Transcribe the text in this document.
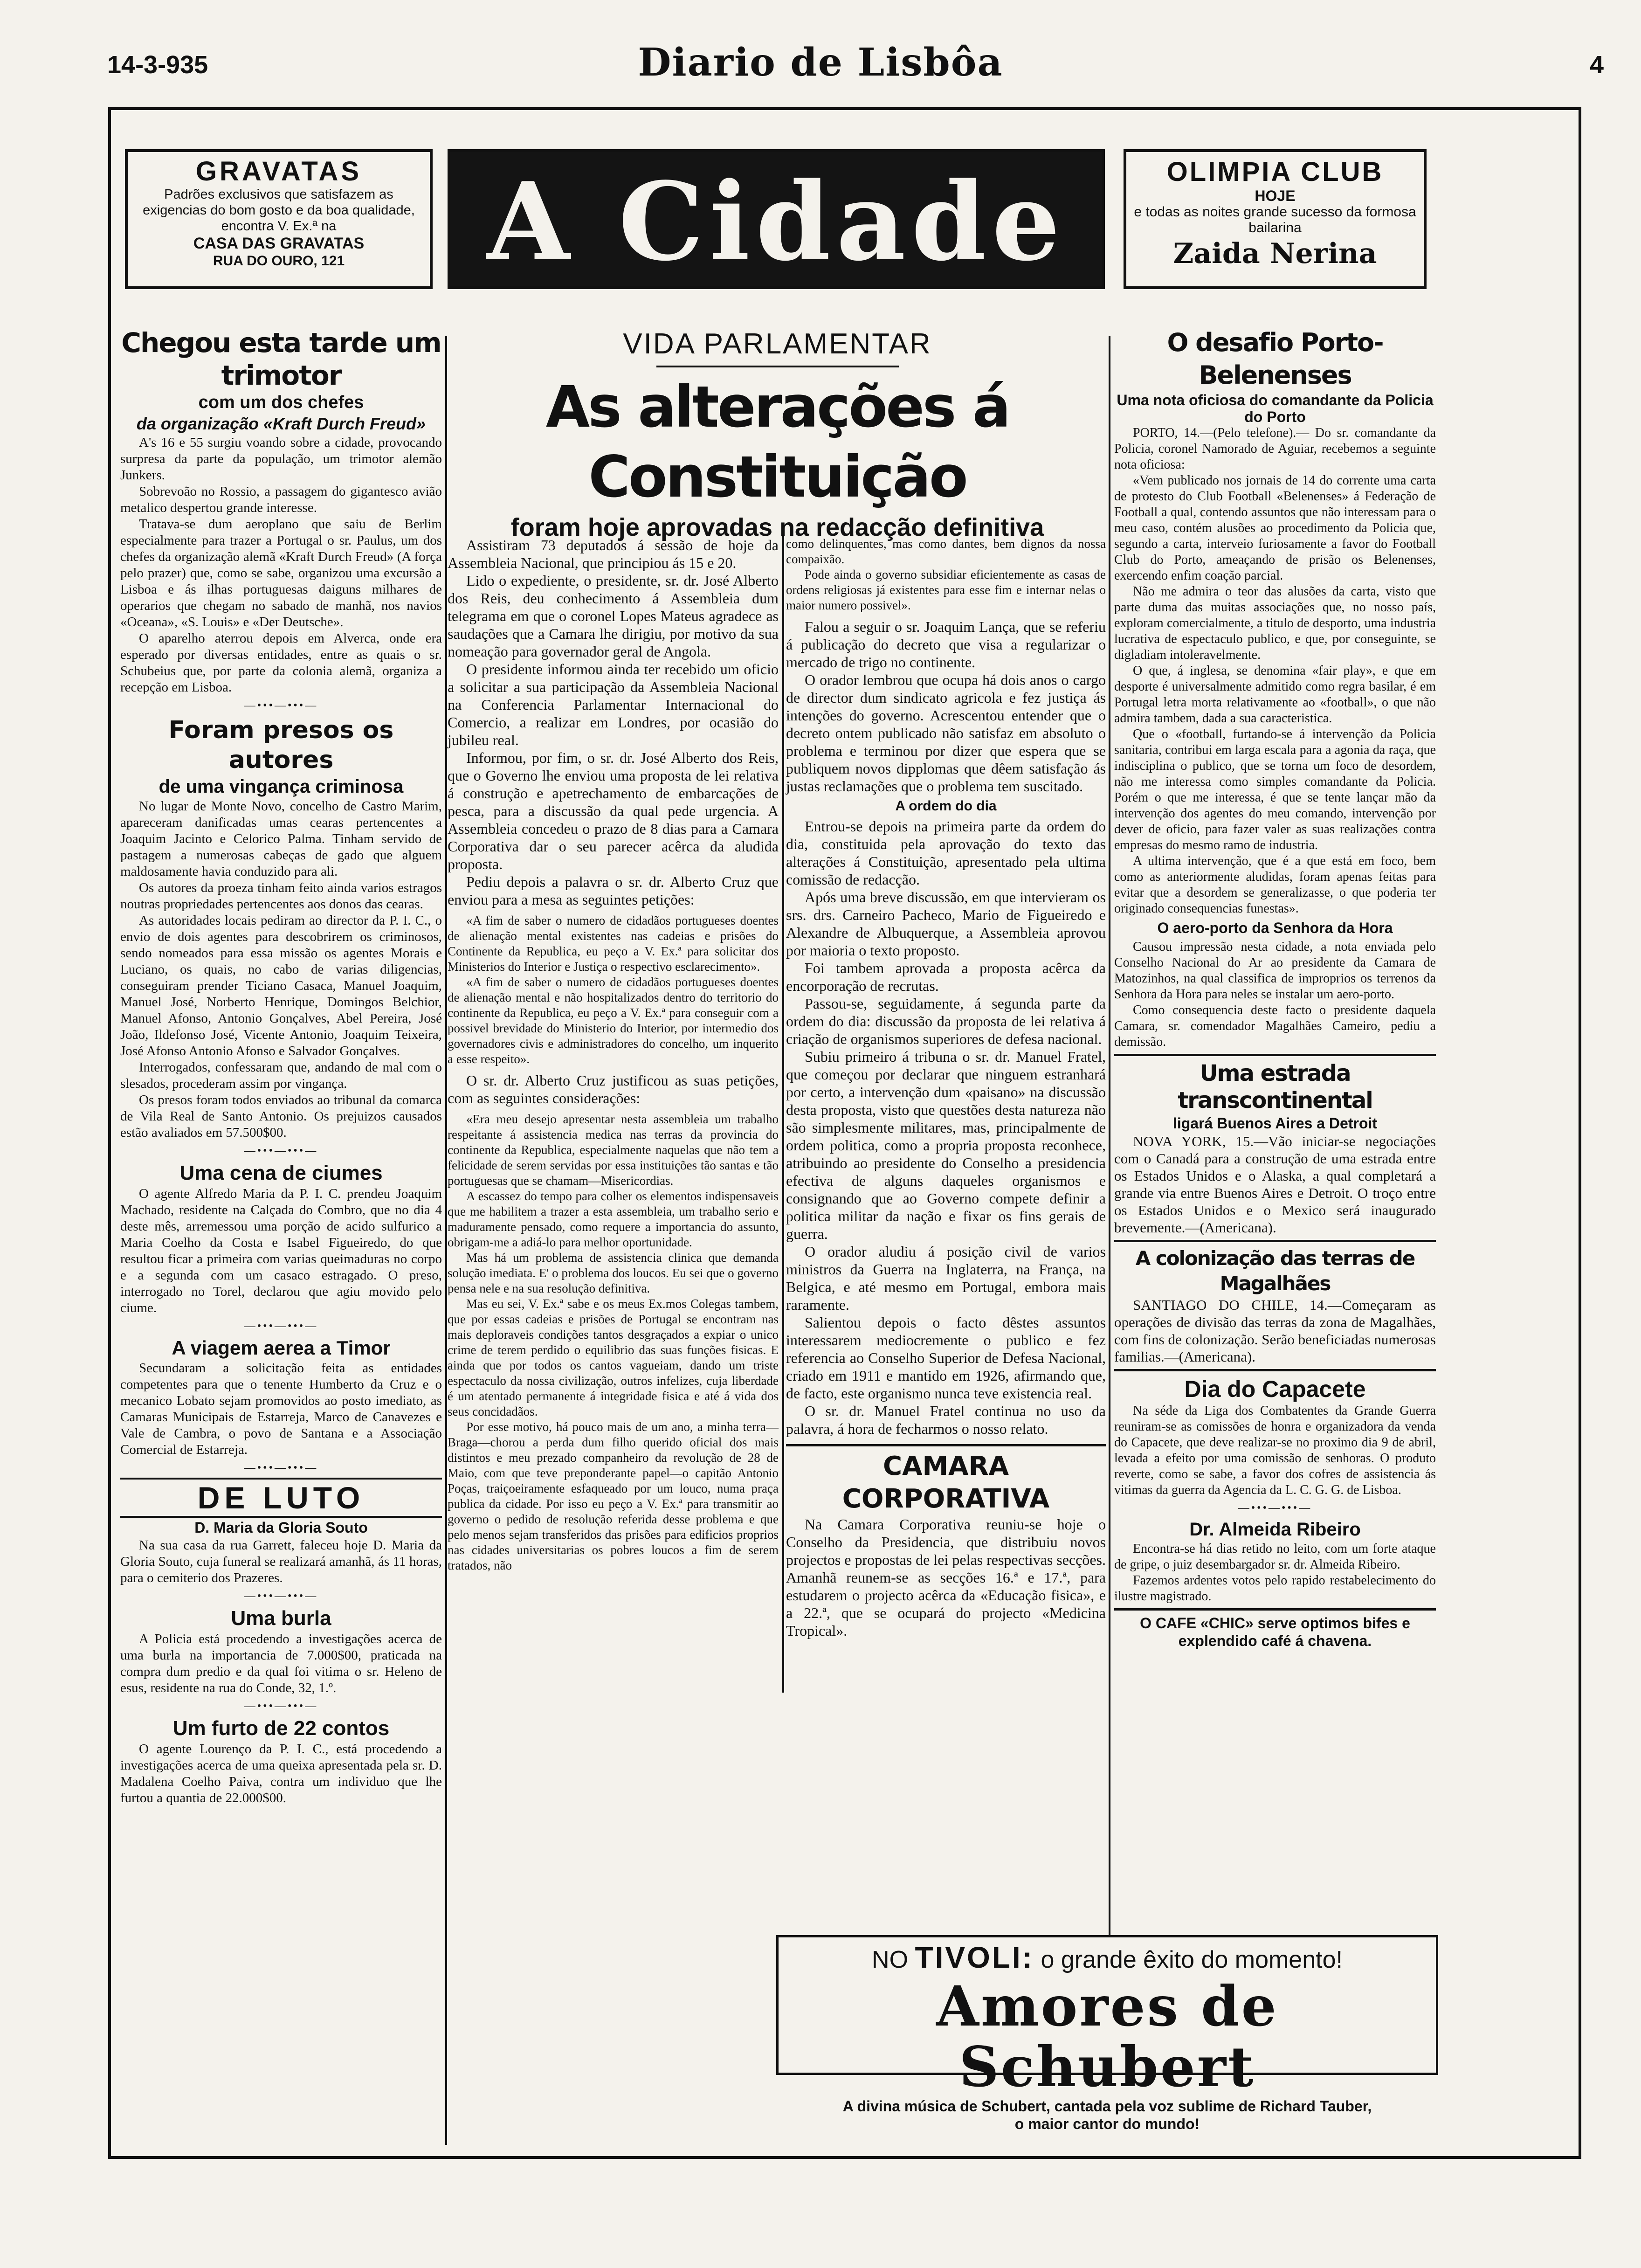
14-3-935	Diario de Lisbôa	4

GRAVATAS

Padrões exclusivos que satisfazem as exigencias do bom gosto e da boa qualidade, encontra V. Ex.ª na

CASA DAS GRAVATAS

RUA DO OURO, 121	A Cidade	OLIMPIA CLUB

HOJE

e todas as noites grande sucesso da formosa bailarina

Zaida Nerina

Chegou esta tarde um trimotor
com um dos chefes
da organização «Kraft Durch Freud»

A's 16 e 55 surgiu voando sobre a cidade, provocando surpresa da parte da população, um trimotor alemão Junkers.

Sobrevoão no Rossio, a passagem do gigantesco avião metalico despertou grande interesse.

Tratava-se dum aeroplano que saiu de Berlim especialmente para trazer a Portugal o sr. Paulus, um dos chefes da organização alemã «Kraft Durch Freud» (A força pelo prazer) que, como se sabe, organizou uma excursão a Lisboa e ás ilhas portuguesas daiguns milhares de operarios que chegam no sabado de manhã, nos navios «Oceana», «S. Louis» e «Der Deutsche».

O aparelho aterrou depois em Alverca, onde era esperado por diversas entidades, entre as quais o sr. Schubeius que, por parte da colonia alemã, organiza a recepção em Lisboa.

—•••—•••—
Foram presos os autores
de uma vingança criminosa

No lugar de Monte Novo, concelho de Castro Marim, apareceram danificadas umas cearas pertencentes a Joaquim Jacinto e Celorico Palma. Tinham servido de pastagem a numerosas cabeças de gado que alguem maldosamente havia conduzido para ali.

Os autores da proeza tinham feito ainda varios estragos noutras propriedades pertencentes aos donos das cearas.

As autoridades locais pediram ao director da P. I. C., o envio de dois agentes para descobrirem os criminosos, sendo nomeados para essa missão os agentes Morais e Luciano, os quais, no cabo de varias diligencias, conseguiram prender Ticiano Casaca, Manuel Joaquim, Manuel José, Norberto Henrique, Domingos Belchior, Manuel Afonso, Antonio Gonçalves, Abel Pereira, José João, Ildefonso José, Vicente Antonio, Joaquim Teixeira, José Afonso Antonio Afonso e Salvador Gonçalves.

Interrogados, confessaram que, andando de mal com o slesados, procederam assim por vingança.

Os presos foram todos enviados ao tribunal da comarca de Vila Real de Santo Antonio. Os prejuizos causados estão avaliados em 57.500$00.

—•••—•••—
Uma cena de ciumes

O agente Alfredo Maria da P. I. C. prendeu Joaquim Machado, residente na Calçada do Combro, que no dia 4 deste mês, arremessou uma porção de acido sulfurico a Maria Coelho da Costa e Isabel Figueiredo, do que resultou ficar a primeira com varias queimaduras no corpo e a segunda com um casaco estragado. O preso, interrogado no Torel, declarou que agiu movido pelo ciume.

—•••—•••—
A viagem aerea a Timor

Secundaram a solicitação feita as entidades competentes para que o tenente Humberto da Cruz e o mecanico Lobato sejam promovidos ao posto imediato, as Camaras Municipais de Estarreja, Marco de Canavezes e Vale de Cambra, o povo de Santana e a Associação Comercial de Estarreja.

—•••—•••—
DE LUTO
D. Maria da Gloria Souto

Na sua casa da rua Garrett, faleceu hoje D. Maria da Gloria Souto, cuja funeral se realizará amanhã, ás 11 horas, para o cemiterio dos Prazeres.

—•••—•••—
Uma burla

A Policia está procedendo a investigações acerca de uma burla na importancia de 7.000$00, praticada na compra dum predio e da qual foi vitima o sr. Heleno de esus, residente na rua do Conde, 32, 1.º.

—•••—•••—
Um furto de 22 contos

O agente Lourenço da P. I. C., está procedendo a investigações acerca de uma queixa apresentada pela sr. D. Madalena Coelho Paiva, contra um individuo que lhe furtou a quantia de 22.000$00.

VIDA PARLAMENTAR
As alterações á Constituição
foram hoje aprovadas na redacção definitiva

Assistiram 73 deputados á sessão de hoje da Assembleia Nacional, que principiou ás 15 e 20.

Lido o expediente, o presidente, sr. dr. José Alberto dos Reis, deu conhecimento á Assembleia dum telegrama em que o coronel Lopes Mateus agradece as saudações que a Camara lhe dirigiu, por motivo da sua nomeação para governador geral de Angola.

O presidente informou ainda ter recebido um oficio a solicitar a sua participação da Assembleia Nacional na Conferencia Parlamentar Internacional do Comercio, a realizar em Londres, por ocasião do jubileu real.

Informou, por fim, o sr. dr. José Alberto dos Reis, que o Governo lhe enviou uma proposta de lei relativa á construção e apetrechamento de embarcações de pesca, para a discussão da qual pede urgencia. A Assembleia concedeu o prazo de 8 dias para a Camara Corporativa dar o seu parecer acêrca da aludida proposta.

Pediu depois a palavra o sr. dr. Alberto Cruz que enviou para a mesa as seguintes petições:

«A fim de saber o numero de cidadãos portugueses doentes de alienação mental existentes nas cadeias e prisões do Continente da Republica, eu peço a V. Ex.ª para solicitar dos Ministerios do Interior e Justiça o respectivo esclarecimento».

«A fim de saber o numero de cidadãos portugueses doentes de alienação mental e não hospitalizados dentro do territorio do continente da Republica, eu peço a V. Ex.ª para conseguir com a possivel brevidade do Ministerio do Interior, por intermedio dos governadores civis e administradores do concelho, um inquerito a esse respeito».

O sr. dr. Alberto Cruz justificou as suas petições, com as seguintes considerações:

«Era meu desejo apresentar nesta assembleia um trabalho respeitante á assistencia medica nas terras da provincia do continente da Republica, especialmente naquelas que não tem a felicidade de serem servidas por essa instituições tão santas e tão portuguesas que se chamam—Misericordias.

A escassez do tempo para colher os elementos indispensaveis que me habilitem a trazer a esta assembleia, um trabalho serio e maduramente pensado, como requere a importancia do assunto, obrigam-me a adiá-lo para melhor oportunidade.

Mas há um problema de assistencia clinica que demanda solução imediata. E' o problema dos loucos. Eu sei que o governo pensa nele e na sua resolução definitiva.

Mas eu sei, V. Ex.ª sabe e os meus Ex.mos Colegas tambem, que por essas cadeias e prisões de Portugal se encontram nas mais deploraveis condições tantos desgraçados a expiar o unico crime de terem perdido o equilibrio das suas funções fisicas. E ainda que por todos os cantos vagueiam, dando um triste espectaculo da nossa civilização, outros infelizes, cuja liberdade é um atentado permanente á integridade fisica e até á vida dos seus concidadãos.

Por esse motivo, há pouco mais de um ano, a minha terra—Braga—chorou a perda dum filho querido oficial dos mais distintos e meu prezado companheiro da revolução de 28 de Maio, com que teve preponderante papel—o capitão Antonio Poças, traiçoeiramente esfaqueado por um louco, numa praça publica da cidade. Por isso eu peço a V. Ex.ª para transmitir ao governo o pedido de resolução referida desse problema e que pelo menos sejam transferidos das prisões para edificios proprios nas cidades universitarias os pobres loucos a fim de serem tratados, não

como delinquentes, mas como dantes, bem dignos da nossa compaixão.

Pode ainda o governo subsidiar eficientemente as casas de ordens religiosas já existentes para esse fim e internar nelas o maior numero possivel».

Falou a seguir o sr. Joaquim Lança, que se referiu á publicação do decreto que visa a regularizar o mercado de trigo no continente.

O orador lembrou que ocupa há dois anos o cargo de director dum sindicato agricola e fez justiça ás intenções do governo. Acrescentou entender que o decreto ontem publicado não satisfaz em absoluto o problema e terminou por dizer que espera que se publiquem novos dipplomas que dêem satisfação ás justas reclamações que o problema tem suscitado.

A ordem do dia

Entrou-se depois na primeira parte da ordem do dia, constituida pela aprovação do texto das alterações á Constituição, apresentado pela ultima comissão de redacção.

Após uma breve discussão, em que intervieram os srs. drs. Carneiro Pacheco, Mario de Figueiredo e Alexandre de Albuquerque, a Assembleia aprovou por maioria o texto proposto.

Foi tambem aprovada a proposta acêrca da encorporação de recrutas.

Passou-se, seguidamente, á segunda parte da ordem do dia: discussão da proposta de lei relativa á criação de organismos superiores de defesa nacional.

Subiu primeiro á tribuna o sr. dr. Manuel Fratel, que começou por declarar que ninguem estranhará por certo, a intervenção dum «paisano» na discussão desta proposta, visto que questões desta natureza não são simplesmente militares, mas, principalmente de ordem politica, como a propria proposta reconhece, atribuindo ao presidente do Conselho a presidencia efectiva de alguns daqueles organismos e consignando que ao Governo compete definir a politica militar da nação e fixar os fins gerais de guerra.

O orador aludiu á posição civil de varios ministros da Guerra na Inglaterra, na França, na Belgica, e até mesmo em Portugal, embora mais raramente.

Salientou depois o facto dêstes assuntos interessarem mediocremente o publico e fez referencia ao Conselho Superior de Defesa Nacional, criado em 1911 e mantido em 1926, afirmando que, de facto, este organismo nunca teve existencia real.

O sr. dr. Manuel Fratel continua no uso da palavra, á hora de fecharmos o nosso relato.

CAMARA CORPORATIVA

Na Camara Corporativa reuniu-se hoje o Conselho da Presidencia, que distribuiu novos projectos e propostas de lei pelas respectivas secções. Amanhã reunem-se as secções 16.ª e 17.ª, para estudarem o projecto acêrca da «Educação fisica», e a 22.ª, que se ocupará do projecto «Medicina Tropical».

O desafio Porto-Belenenses
Uma nota oficiosa do comandante da Policia do Porto

PORTO, 14.—(Pelo telefone).— Do sr. comandante da Policia, coronel Namorado de Aguiar, recebemos a seguinte nota oficiosa:

«Vem publicado nos jornais de 14 do corrente uma carta de protesto do Club Football «Belenenses» á Federação de Football a qual, contendo assuntos que não interessam para o meu caso, contém alusões ao procedimento da Policia que, segundo a carta, interveio furiosamente a favor do Football Club do Porto, ameaçando de prisão os Belenenses, exercendo enfim coação parcial.

Não me admira o teor das alusões da carta, visto que parte duma das muitas associações que, no nosso país, exploram comercialmente, a titulo de desporto, uma industria lucrativa de espectaculo publico, e que, por conseguinte, se digladiam intoleravelmente.

O que, á inglesa, se denomina «fair play», e que em desporte é universalmente admitido como regra basilar, é em Portugal letra morta relativamente ao «football», o que não admira tambem, dada a sua caracteristica.

Que o «football, furtando-se á intervenção da Policia sanitaria, contribui em larga escala para a agonia da raça, que indisciplina o publico, que se torna um foco de desordem, não me interessa como simples comandante da Policia. Porém o que me interessa, é que se tente lançar mão da intervenção dos agentes do meu comando, intervenção por dever de oficio, para fazer valer as suas realizações contra empresas do mesmo ramo de industria.

A ultima intervenção, que é a que está em foco, bem como as anteriormente aludidas, foram apenas feitas para evitar que a desordem se generalizasse, o que poderia ter originado consequencias funestas».

O aero-porto da Senhora da Hora

Causou impressão nesta cidade, a nota enviada pelo Conselho Nacional do Ar ao presidente da Camara de Matozinhos, na qual classifica de improprios os terrenos da Senhora da Hora para neles se instalar um aero-porto.

Como consequencia deste facto o presidente daquela Camara, sr. comendador Magalhães Cameiro, pediu a demissão.

Uma estrada transcontinental
ligará Buenos Aires a Detroit

NOVA YORK, 15.—Vão iniciar-se negociações com o Canadá para a construção de uma estrada entre os Estados Unidos e o Alaska, a qual completará a grande via entre Buenos Aires e Detroit. O troço entre os Estados Unidos e o Mexico será inaugurado brevemente.—(Americana).

A colonização das terras de Magalhães

SANTIAGO DO CHILE, 14.—Começaram as operações de divisão das terras da zona de Magalhães, com fins de colonização. Serão beneficiadas numerosas familias.—(Americana).

Dia do Capacete

Na séde da Liga dos Combatentes da Grande Guerra reuniram-se as comissões de honra e organizadora da venda do Capacete, que deve realizar-se no proximo dia 9 de abril, levada a efeito por uma comissão de senhoras. O produto reverte, como se sabe, a favor dos cofres de assistencia ás vitimas da guerra da Agencia da L. C. G. G. de Lisboa.

—•••—•••—
Dr. Almeida Ribeiro

Encontra-se há dias retido no leito, com um forte ataque de gripe, o juiz desembargador sr. dr. Almeida Ribeiro.

Fazemos ardentes votos pelo rapido restabelecimento do ilustre magistrado.

O CAFE «CHIC» serve optimos bifes e explendido café á chavena.
NO TIVOLI: o grande êxito do momento!
Amores de Schubert
A divina música de Schubert, cantada pela voz sublime de Richard Tauber,
o maior cantor do mundo!
